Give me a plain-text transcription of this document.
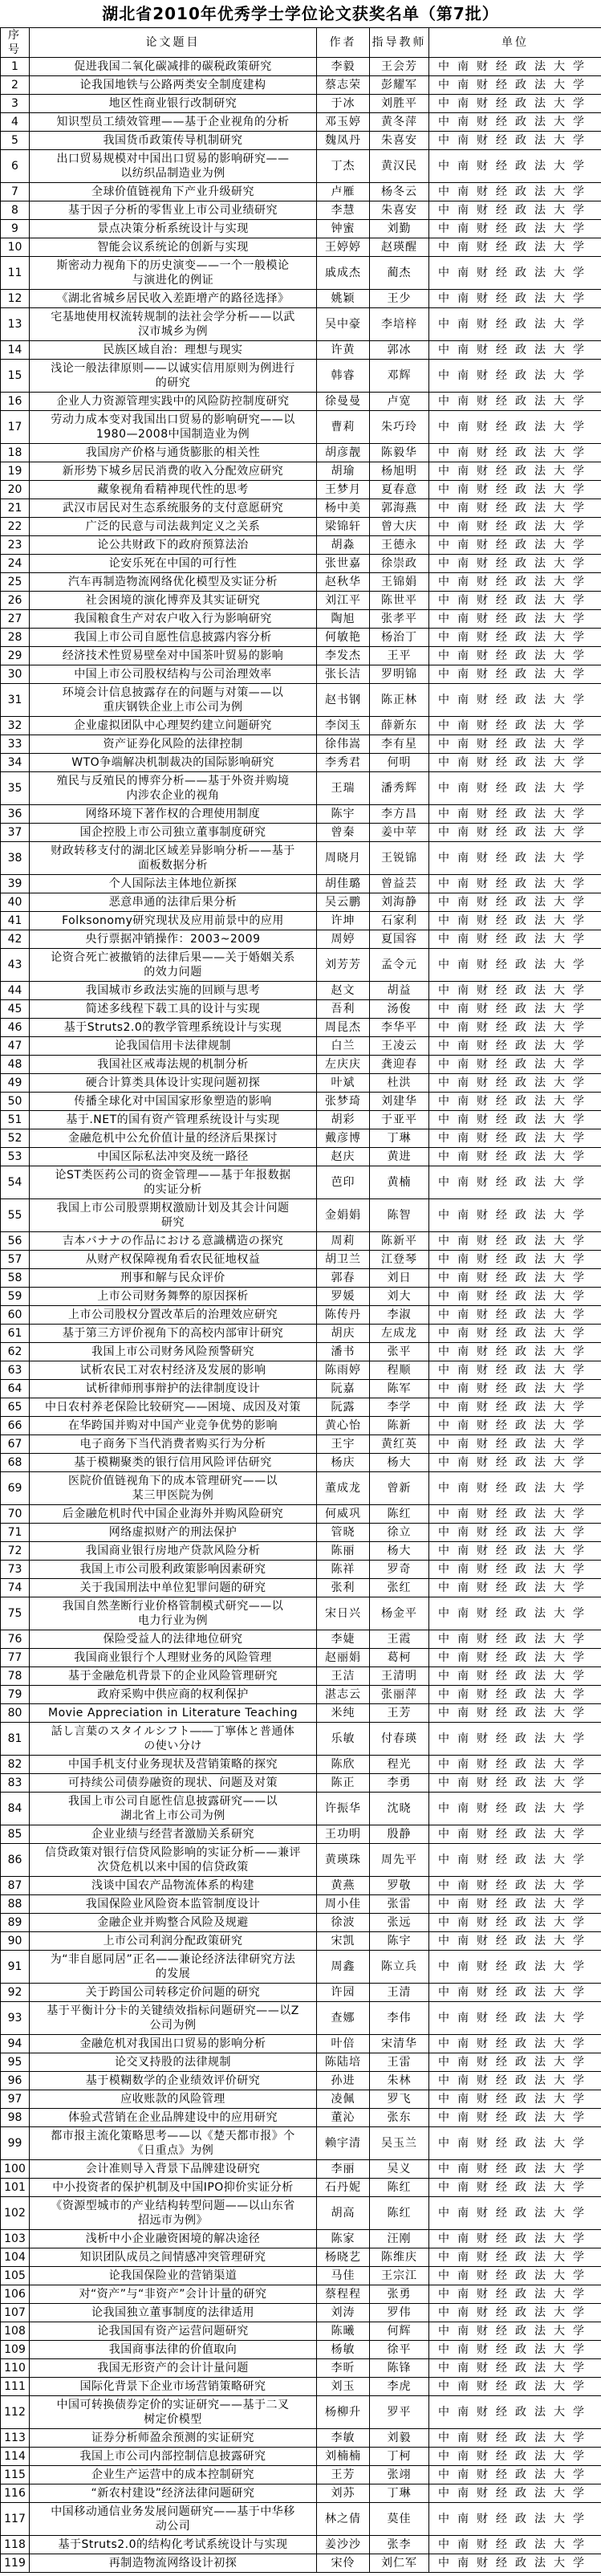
湖北省2010年优秀学士学位论文获奖名单（第7批）
序号	论文题目	作者	指导教师	单位
1	促进我国二氧化碳减排的碳税政策研究	李毅	王会芳	中南财经政法大学
2	论我国地铁与公路两类安全制度建构	蔡志荣	彭耀军	中南财经政法大学
3	地区性商业银行改制研究	于冰	刘胜平	中南财经政法大学
4	知识型员工绩效管理——基于企业视角的分析	邓玉婷	黄冬萍	中南财经政法大学
5	我国货币政策传导机制研究	魏凤丹	朱喜安	中南财经政法大学
6	出口贸易规模对中国出口贸易的影响研究——
以纺织品制造业为例	丁杰	黄汉民	中南财经政法大学
7	全球价值链视角下产业升级研究	卢雁	杨冬云	中南财经政法大学
8	基于因子分析的零售业上市公司业绩研究	李慧	朱喜安	中南财经政法大学
9	景点决策分析系统设计与实现	钟蜜	刘勤	中南财经政法大学
10	智能会议系统论的创新与实现	王婷婷	赵瑛醒	中南财经政法大学
11	斯密动力视角下的历史演变——一个一般模论
与演进化的例证	戚成杰	蔺杰	中南财经政法大学
12	《湖北省城乡居民收入差距增产的路径选择》	姚颖	王少	中南财经政法大学
13	宅基地使用权流转规制的法社会学分析——以武
汉市城乡为例	吴中豪	李培梓	中南财经政法大学
14	民族区域自治：理想与现实	许黄	郭冰	中南财经政法大学
15	浅论一般法律原则——以诚实信用原则为例进行
的研究	韩睿	邓辉	中南财经政法大学
16	企业人力资源管理实践中的风险防控制度研究	徐曼曼	卢宽	中南财经政法大学
17	劳动力成本变对我国出口贸易的影响研究——以
1980—2008中国制造业为例	曹莉	朱巧玲	中南财经政法大学
18	我国房产价格与通货膨胀的相关性	胡彦靓	陈毅华	中南财经政法大学
19	新形势下城乡居民消费的收入分配效应研究	胡瑜	杨旭明	中南财经政法大学
20	藏象视角看精神现代性的思考	王梦月	夏春意	中南财经政法大学
21	武汉市居民对生态系统服务的支付意愿研究	杨中美	郭海燕	中南财经政法大学
22	广泛的民意与司法裁判定义之关系	梁锦轩	曾大庆	中南财经政法大学
23	论公共财政下的政府预算法治	胡淼	王德永	中南财经政法大学
24	论安乐死在中国的可行性	张世嘉	徐崇政	中南财经政法大学
25	汽车再制造物流网络优化模型及实证分析	赵秋华	王锦娟	中南财经政法大学
26	社会困境的演化博弈及其实证研究	刘江平	陈世平	中南财经政法大学
27	我国粮食生产对农户收入行为影响研究	陶旭	张孝平	中南财经政法大学
28	我国上市公司自愿性信息披露内容分析	何敏艳	杨治丁	中南财经政法大学
29	经济技术性贸易壁垒对中国茶叶贸易的影响	李发杰	王平	中南财经政法大学
30	中国上市公司股权结构与公司治理效率	张长洁	罗明锦	中南财经政法大学
31	环境会计信息披露存在的问题与对策——以
重庆钢铁企业上市公司为例	赵书钢	陈正林	中南财经政法大学
32	企业虚拟团队中心理契约建立问题研究	李闵玉	薛新东	中南财经政法大学
33	资产证券化风险的法律控制	徐伟嵩	李有星	中南财经政法大学
34	WTO争端解决机制裁决的国际影响研究	李秀君	何明	中南财经政法大学
35	殖民与反殖民的博弈分析——基于外资并购境
内涉农企业的视角	王瑞	潘秀辉	中南财经政法大学
36	网络环境下著作权的合理使用制度	陈宇	李方昌	中南财经政法大学
37	国企控股上市公司独立董事制度研究	曾秦	姜中苹	中南财经政法大学
38	财政转移支付的湖北区域差异影响分析——基于
面板数据分析	周晓月	王锐锦	中南财经政法大学
39	个人国际法主体地位新探	胡佳璐	曾益芸	中南财经政法大学
40	恶意串通的法律后果分析	吴云鹏	刘海静	中南财经政法大学
41	Folksonomy研究现状及应用前景中的应用	许坤	石家利	中南财经政法大学
42	央行票据冲销操作：2003~2009	周婷	夏国容	中南财经政法大学
43	论资合死亡被撤销的法律后果——关于婚姻关系
的效力问题	刘芳芳	孟令元	中南财经政法大学
44	我国城市乡政法实施的回顾与思考	赵文	胡益	中南财经政法大学
45	简述多线程下载工具的设计与实现	吾利	汤俊	中南财经政法大学
46	基于Struts2.0的教学管理系统设计与实现	周昆杰	李华平	中南财经政法大学
47	论我国信用卡法律规制	白兰	王凌云	中南财经政法大学
48	我国社区戒毒法规的机制分析	左庆庆	龚迎春	中南财经政法大学
49	硬合计算类具体设计实现问题初探	叶斌	杜洪	中南财经政法大学
50	传播全球化对中国国家形象塑造的影响	张梦琦	刘建华	中南财经政法大学
51	基于.NET的国有资产管理系统设计与实现	胡彩	于亚平	中南财经政法大学
52	金融危机中公允价值计量的经济后果探讨	戴彦博	丁琳	中南财经政法大学
53	中国区际私法冲突及统一路径	赵庆	黄进	中南财经政法大学
54	论ST类医药公司的资金管理——基于年报数据
的实证分析	芭印	黄楠	中南财经政法大学
55	我国上市公司股票期权激励计划及其会计问题
研究	金娟娟	陈智	中南财经政法大学
56	吉本バナナの作品における意識構造の探究	周莉	陈新平	中南财经政法大学
57	从财产权保障视角看农民征地权益	胡卫兰	江登琴	中南财经政法大学
58	刑事和解与民众评价	郭春	刘日	中南财经政法大学
59	上市公司财务舞弊的原因探析	罗媛	刘大	中南财经政法大学
60	上市公司股权分置改革后的治理效应研究	陈传丹	李淑	中南财经政法大学
61	基于第三方评价视角下的高校内部审计研究	胡庆	左成龙	中南财经政法大学
62	我国上市公司财务风险预警研究	潘书	张平	中南财经政法大学
63	试析农民工对农村经济及发展的影响	陈雨婷	程顺	中南财经政法大学
64	试析律师刑事辩护的法律制度设计	阮嘉	陈军	中南财经政法大学
65	中日农村养老保险比较研究——困境、成因及对策	阮露	李学	中南财经政法大学
66	在华跨国并购对中国产业竞争优势的影响	黄心怡	陈新	中南财经政法大学
67	电子商务下当代消费者购买行为分析	王宇	黄红英	中南财经政法大学
68	基于模糊聚类的银行信用风险评估研究	杨庆	杨大	中南财经政法大学
69	医院价值链视角下的成本管理研究——以
某三甲医院为例	董成龙	曾新	中南财经政法大学
70	后金融危机时代中国企业海外并购风险研究	何威巩	陈红	中南财经政法大学
71	网络虚拟财产的刑法保护	管晓	徐立	中南财经政法大学
72	我国商业银行房地产贷款风险分析	陈丽	杨大	中南财经政法大学
73	我国上市公司股利政策影响因素研究	陈祥	罗奇	中南财经政法大学
74	关于我国刑法中单位犯罪问题的研究	张利	张红	中南财经政法大学
75	我国自然垄断行业价格管制模式研究——以
电力行业为例	宋日兴	杨金平	中南财经政法大学
76	保险受益人的法律地位研究	李婕	王霞	中南财经政法大学
77	我国商业银行个人理财业务的风险管理	赵丽娟	葛柯	中南财经政法大学
78	基于金融危机背景下的企业风险管理研究	王洁	王清明	中南财经政法大学
79	政府采购中供应商的权利保护	湛志云	张丽萍	中南财经政法大学
80	Movie Appreciation in Literature Teaching	米纯	王芳	中南财经政法大学
81	話し言葉のスタイルシフト――丁寧体と普通体
の使い分け	乐敏	付春瑛	中南财经政法大学
82	中国手机支付业务现状及营销策略的探究	陈欣	程光	中南财经政法大学
83	可持续公司债券融资的现状、问题及对策	陈正	李勇	中南财经政法大学
84	我国上市公司自愿性信息披露研究——以
湖北省上市公司为例	许振华	沈晓	中南财经政法大学
85	企业业绩与经营者激励关系研究	王功明	殷静	中南财经政法大学
86	信贷政策对银行信贷风险影响的实证分析——兼评
次贷危机以来中国的信贷政策	黄瑛珠	周先平	中南财经政法大学
87	浅谈中国农产品物流体系的构建	黄燕	罗敬	中南财经政法大学
88	我国保险业风险资本监管制度设计	周小佳	张雷	中南财经政法大学
89	金融企业并购整合风险及规避	徐波	张远	中南财经政法大学
90	上市公司利润分配政策研究	宋凯	陈宇	中南财经政法大学
91	为“非自愿同居”正名——兼论经济法律研究方法
的发展	周鑫	陈立兵	中南财经政法大学
92	关于跨国公司转移定价问题的研究	许园	王清	中南财经政法大学
93	基于平衡计分卡的关键绩效指标问题研究——以Z
公司为例	查娜	李伟	中南财经政法大学
94	金融危机对我国出口贸易的影响分析	叶倍	宋清华	中南财经政法大学
95	论交叉持股的法律规制	陈陆培	王雷	中南财经政法大学
96	基于模糊数学的企业绩效评价研究	孙进	朱林	中南财经政法大学
97	应收账款的风险管理	凌佩	罗飞	中南财经政法大学
98	体验式营销在企业品牌建设中的应用研究	董沁	张东	中南财经政法大学
99	都市报主流化策略思考——以《楚天都市报》个
《日重点》为例	赖宇清	吴玉兰	中南财经政法大学
100	会计准则导入背景下品牌建设研究	李丽	吴义	中南财经政法大学
101	中小投资者的保护机制及中国IPO抑价实证分析	石丹妮	陈红	中南财经政法大学
102	《资源型城市的产业结构转型问题——以山东省
招远市为例》	胡高	陈红	中南财经政法大学
103	浅析中小企业融资困境的解决途径	陈家	汪刚	中南财经政法大学
104	知识团队成员之间情感冲突管理研究	杨晓艺	陈维庆	中南财经政法大学
105	论我国保险业的营销渠道	马佳	王宗江	中南财经政法大学
106	对“资产”与“非资产”会计计量的研究	蔡程程	张勇	中南财经政法大学
107	论我国独立董事制度的法律适用	刘涛	罗伟	中南财经政法大学
108	论我国国有资产运营问题研究	陈曦	何辉	中南财经政法大学
109	我国商事法律的价值取向	杨敏	徐平	中南财经政法大学
110	我国无形资产的会计计量问题	李昕	陈锋	中南财经政法大学
111	国际化背景下企业市场营销策略研究	刘玉	李虎	中南财经政法大学
112	中国可转换债券定价的实证研究——基于二叉
树定价模型	杨柳升	罗平	中南财经政法大学
113	证券分析师盈余预测的实证研究	李敏	刘毅	中南财经政法大学
114	我国上市公司内部控制信息披露研究	刘楠楠	丁柯	中南财经政法大学
115	企业生产运营中的成本控制研究	王芳	张翊	中南财经政法大学
116	“新农村建设”经济法律问题研究	刘苏	丁琳	中南财经政法大学
117	中国移动通信业务发展问题研究——基于中华移
动公司	林之倩	莫佳	中南财经政法大学
118	基于Struts2.0的结构化考试系统设计与实现	姜沙沙	张李	中南财经政法大学
119	再制造物流网络设计初探	宋伶	刘仁军	中南财经政法大学
